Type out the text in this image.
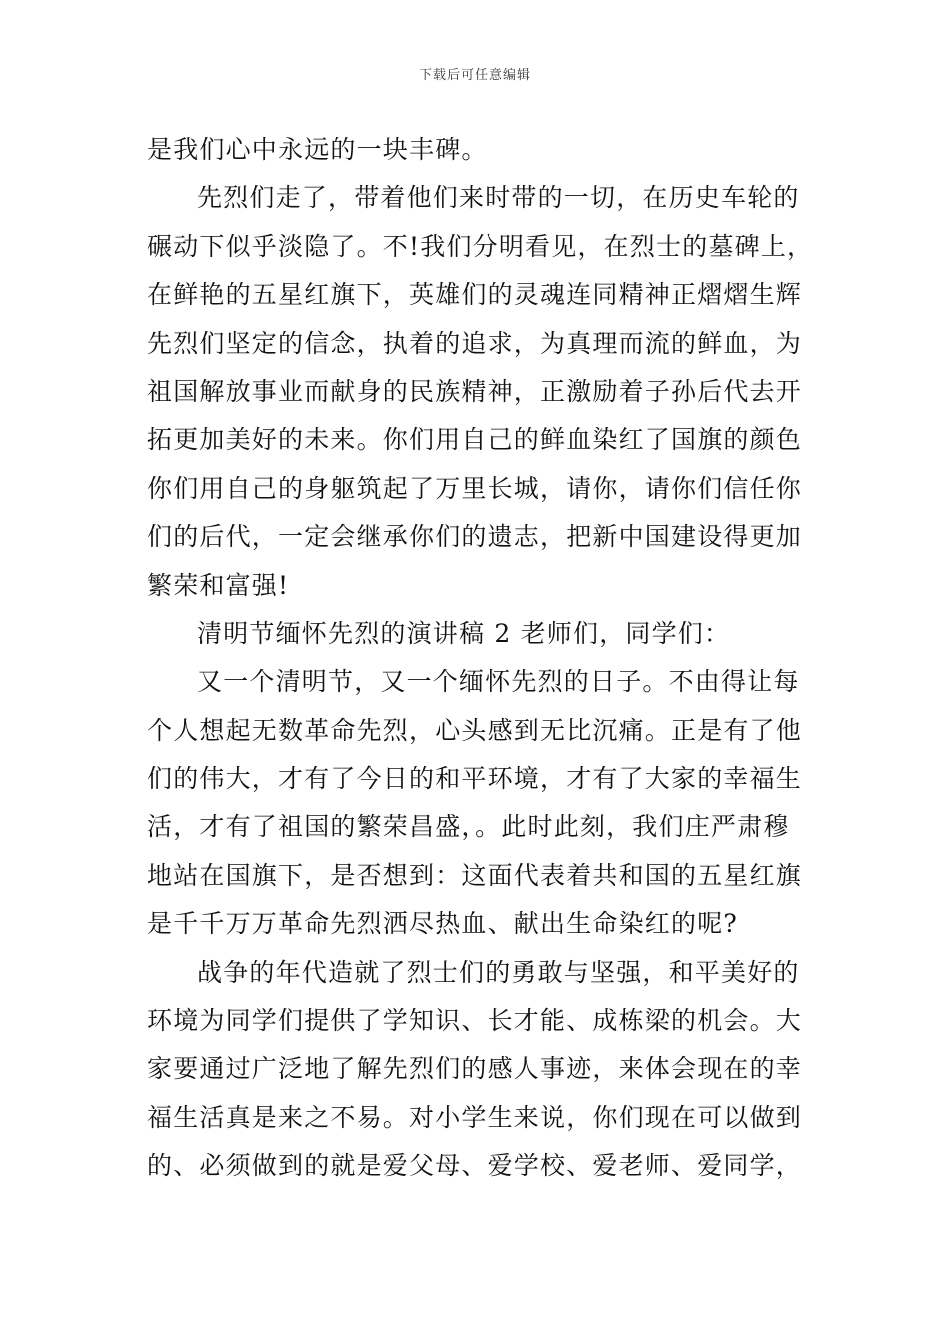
下载后可任意编辑
是我们心中永远的一块丰碑。
先烈们走了，带着他们来时带的一切，在历史车轮的
碾动下似乎淡隐了。不!我们分明看见，在烈士的墓碑上，
在鲜艳的五星红旗下，英雄们的灵魂连同精神正熠熠生辉
先烈们坚定的信念，执着的追求，为真理而流的鲜血，为
祖国解放事业而献身的民族精神，正激励着子孙后代去开
拓更加美好的未来。你们用自己的鲜血染红了国旗的颜色
你们用自己的身躯筑起了万里长城，请你，请你们信任你
们的后代，一定会继承你们的遗志，把新中国建设得更加
繁荣和富强!
清明节缅怀先烈的演讲稿 2 老师们，同学们：
又一个清明节，又一个缅怀先烈的日子。不由得让每
个人想起无数革命先烈，心头感到无比沉痛。正是有了他
们的伟大，才有了今日的和平环境，才有了大家的幸福生
活，才有了祖国的繁荣昌盛，。此时此刻，我们庄严肃穆
地站在国旗下，是否想到：这面代表着共和国的五星红旗
是千千万万革命先烈洒尽热血、献出生命染红的呢?
战争的年代造就了烈士们的勇敢与坚强，和平美好的
环境为同学们提供了学知识、长才能、成栋梁的机会。大
家要通过广泛地了解先烈们的感人事迹，来体会现在的幸
福生活真是来之不易。对小学生来说，你们现在可以做到
的、必须做到的就是爱父母、爱学校、爱老师、爱同学，
